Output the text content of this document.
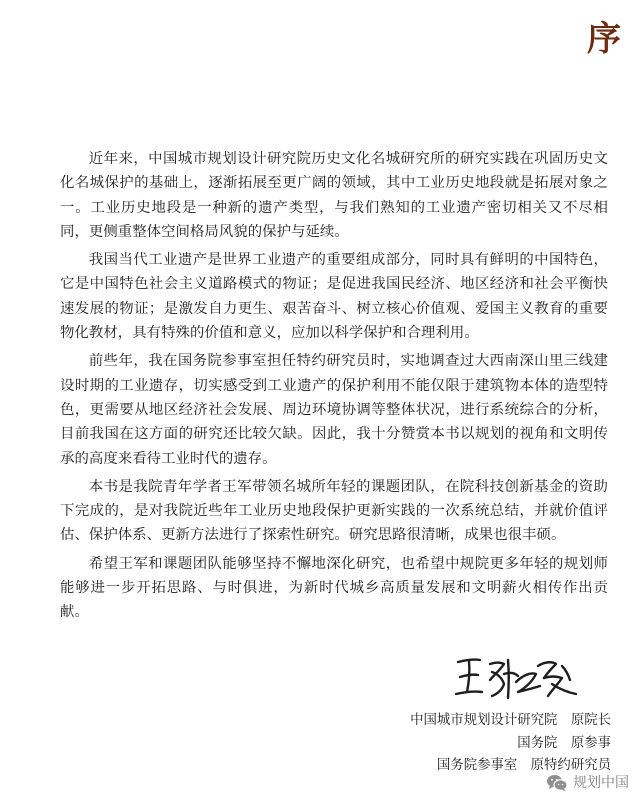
序

近年来，中国城市规划设计研究院历史文化名城研究所的研究实践在巩固历史文化名城保护的基础上，逐渐拓展至更广阔的领域，其中工业历史地段就是拓展对象之一。工业历史地段是一种新的遗产类型，与我们熟知的工业遗产密切相关又不尽相同，更侧重整体空间格局风貌的保护与延续。

我国当代工业遗产是世界工业遗产的重要组成部分，同时具有鲜明的中国特色，它是中国特色社会主义道路模式的物证；是促进我国民经济、地区经济和社会平衡快速发展的物证；是激发自力更生、艰苦奋斗、树立核心价值观、爱国主义教育的重要物化教材，具有特殊的价值和意义，应加以科学保护和合理利用。

前些年，我在国务院参事室担任特约研究员时，实地调查过大西南深山里三线建设时期的工业遗存，切实感受到工业遗产的保护利用不能仅限于建筑物本体的造型特色，更需要从地区经济社会发展、周边环境协调等整体状况，进行系统综合的分析，目前我国在这方面的研究还比较欠缺。因此，我十分赞赏本书以规划的视角和文明传承的高度来看待工业时代的遗存。

本书是我院青年学者王军带领名城所年轻的课题团队，在院科技创新基金的资助下完成的，是对我院近些年工业历史地段保护更新实践的一次系统总结，并就价值评估、保护体系、更新方法进行了探索性研究。研究思路很清晰，成果也很丰硕。

希望王军和课题团队能够坚持不懈地深化研究，也希望中规院更多年轻的规划师能够进一步开拓思路、与时俱进，为新时代城乡高质量发展和文明薪火相传作出贡献。

中国城市规划设计研究院　原院长
国务院　原参事
国务院参事室　原特约研究员
规划中国
